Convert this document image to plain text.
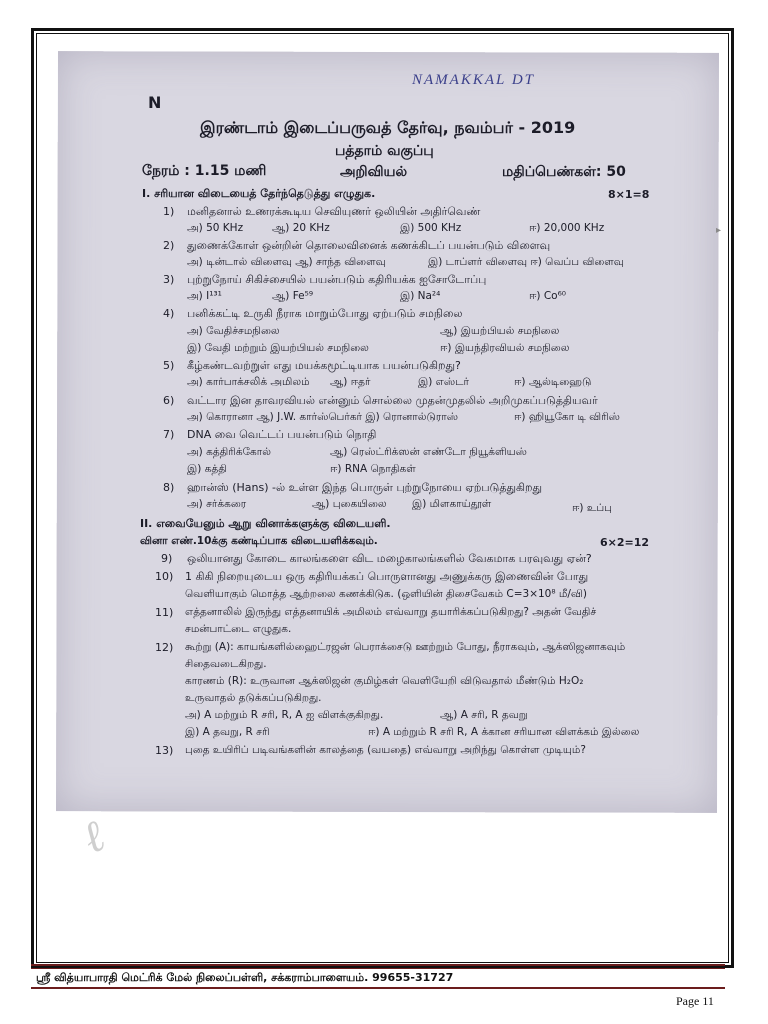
NAMAKKAL DT
N
இரண்டாம் இடைப்பருவத் தேர்வு, நவம்பர் - 2019
பத்தாம் வகுப்பு
நேரம் : 1.15 மணி	அறிவியல்	மதிப்பெண்கள்: 50
I. சரியான விடையைத் தேர்ந்தெடுத்து எழுதுக.	8×1=8
1) மனிதனால் உணரக்கூடிய செவியுணர் ஒலியின் அதிர்வெண்
அ) 50 KHz	ஆ) 20 KHz	இ) 500 KHz	ஈ) 20,000 KHz
2) துணைக்கோள் ஒன்றின் தொலைவினைக் கணக்கிடப் பயன்படும் விளைவு
அ) டின்டால் விளைவு ஆ) சாந்த விளைவு	இ) டாப்ளர் விளைவு ஈ) வெப்ப விளைவு
3) புற்றுநோய் சிகிச்சையில் பயன்படும் கதிரியக்க ஐசோடோப்பு
அ) I¹³¹	ஆ) Fe⁵⁹	இ) Na²⁴	ஈ) Co⁶⁰
4) பனிக்கட்டி உருகி நீராக மாறும்போது ஏற்படும் சமநிலை
அ) வேதிச்சமநிலை	ஆ) இயற்பியல் சமநிலை
இ) வேதி மற்றும் இயற்பியல் சமநிலை	ஈ) இயந்திரவியல் சமநிலை
5) கீழ்கண்டவற்றுள் எது மயக்கமூட்டியாக பயன்படுகிறது?
அ) கார்பாக்சலிக் அமிலம் ஆ) ஈதர்	இ) எஸ்டர்	ஈ) ஆல்டிஹைடு
6) வட்டார இன தாவரவியல் என்னும் சொல்லை முதன்முதலில் அறிமுகப்படுத்தியவர்
அ) கொரானா ஆ) J.W. கார்ஸ்பெர்கர் இ) ரொனால்டுராஸ்	ஈ) ஹியூகோ டி விரிஸ்
7) DNA வை வெட்டப் பயன்படும் நொதி
அ) கத்திரிக்கோல்	ஆ) ரெஸ்ட்ரிக்ஸன் எண்டோ நியூக்ளியஸ்
இ) கத்தி	ஈ) RNA நொதிகள்
8) ஹான்ஸ் (Hans) -ல் உள்ள இந்த பொருள் புற்றுநோயை ஏற்படுத்துகிறது
அ) சர்க்கரை	ஆ) புகையிலை இ) மிளகாய்தூள்	ஈ) உப்பு
II. எவையேனும் ஆறு வினாக்களுக்கு விடையளி.
வினா எண்.10க்கு கண்டிப்பாக விடையளிக்கவும்.	6×2=12
9) ஒலியானது கோடை காலங்களை விட மழைகாலங்களில் வேகமாக பரவுவது ஏன்?
10) 1 கிகி நிறையுடைய ஒரு கதிரியக்கப் பொருளானது அணுக்கரு இணைவின் போது
வெளியாகும் மொத்த ஆற்றலை கணக்கிடுக. (ஒளியின் திசைவேகம் C=3×10⁸ மீ/வி)
11) எத்தனாலில் இருந்து எத்தனாயிக் அமிலம் எவ்வாறு தயாரிக்கப்படுகிறது? அதன் வேதிச்
சமன்பாட்டை எழுதுக.
12) கூற்று (A): காயங்களில்ஹைட்ரஜன் பெராக்சைடு ஊற்றும் போது, நீராகவும், ஆக்ஸிஜனாகவும்
சிதைவடைகிறது.
காரணம் (R): உருவான ஆக்ஸிஜன் குமிழ்கள் வெளியேறி விடுவதால் மீண்டும் H₂O₂
உருவாதல் தடுக்கப்படுகிறது.
அ) A மற்றும் R சரி, R, A ஐ விளக்குகிறது.	ஆ) A சரி, R தவறு
இ) A தவறு, R சரி	ஈ) A மற்றும் R சரி R, A க்கான சரியான விளக்கம் இல்லை
13) புதை உயிரிப் படிவங்களின் காலத்தை (வயதை) எவ்வாறு அறிந்து கொள்ள முடியும்?
ℓ
▸
ஸ்ரீ வித்யாபாரதி மெட்ரிக் மேல் நிலைப்பள்ளி, சக்கராம்பாளையம். 99655-31727
Page 11
